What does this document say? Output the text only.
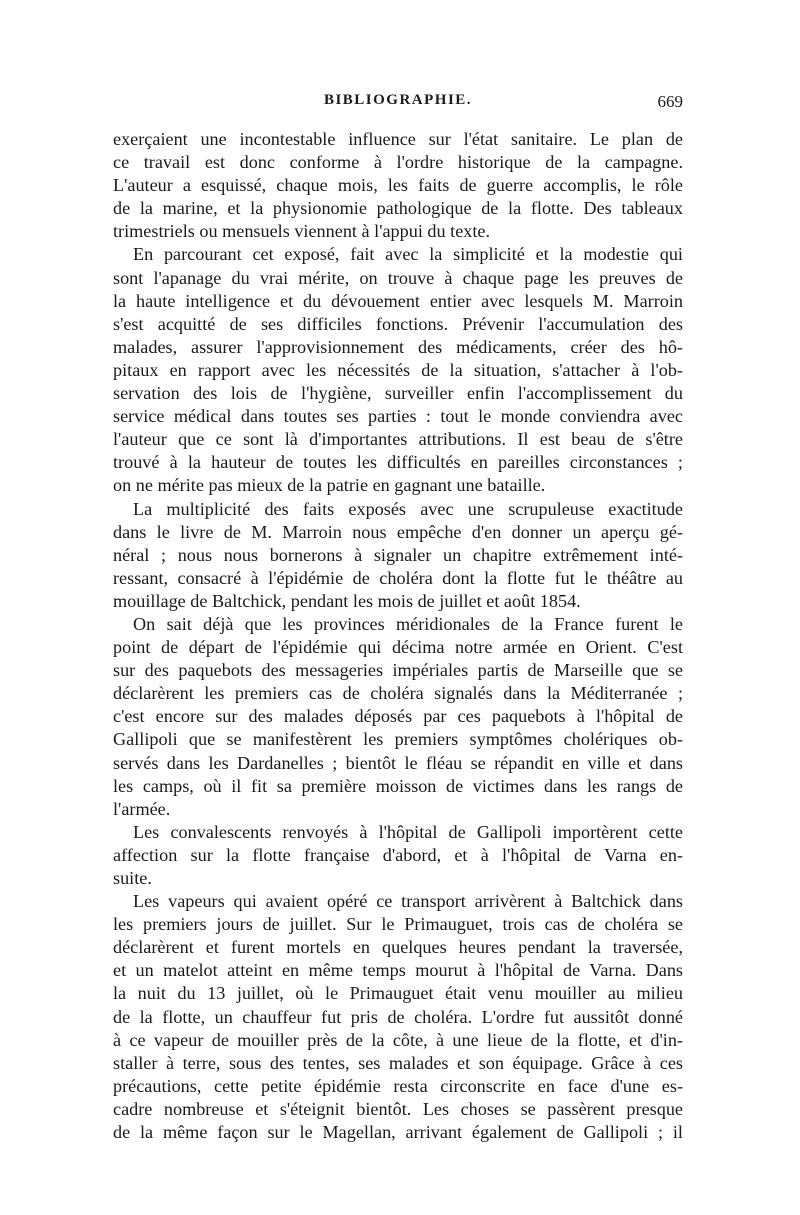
BIBLIOGRAPHIE.	669
exerçaient une incontestable influence sur l'état sanitaire. Le plan de
ce travail est donc conforme à l'ordre historique de la campagne.
L'auteur a esquissé, chaque mois, les faits de guerre accomplis, le rôle
de la marine, et la physionomie pathologique de la flotte. Des tableaux
trimestriels ou mensuels viennent à l'appui du texte.
En parcourant cet exposé, fait avec la simplicité et la modestie qui
sont l'apanage du vrai mérite, on trouve à chaque page les preuves de
la haute intelligence et du dévouement entier avec lesquels M. Marroin
s'est acquitté de ses difficiles fonctions. Prévenir l'accumulation des
malades, assurer l'approvisionnement des médicaments, créer des hô-
pitaux en rapport avec les nécessités de la situation, s'attacher à l'ob-
servation des lois de l'hygiène, surveiller enfin l'accomplissement du
service médical dans toutes ses parties : tout le monde conviendra avec
l'auteur que ce sont là d'importantes attributions. Il est beau de s'être
trouvé à la hauteur de toutes les difficultés en pareilles circonstances ;
on ne mérite pas mieux de la patrie en gagnant une bataille.
La multiplicité des faits exposés avec une scrupuleuse exactitude
dans le livre de M. Marroin nous empêche d'en donner un aperçu gé-
néral ; nous nous bornerons à signaler un chapitre extrêmement inté-
ressant, consacré à l'épidémie de choléra dont la flotte fut le théâtre au
mouillage de Baltchick, pendant les mois de juillet et août 1854.
On sait déjà que les provinces méridionales de la France furent le
point de départ de l'épidémie qui décima notre armée en Orient. C'est
sur des paquebots des messageries impériales partis de Marseille que se
déclarèrent les premiers cas de choléra signalés dans la Méditerranée ;
c'est encore sur des malades déposés par ces paquebots à l'hôpital de
Gallipoli que se manifestèrent les premiers symptômes cholériques ob-
servés dans les Dardanelles ; bientôt le fléau se répandit en ville et dans
les camps, où il fit sa première moisson de victimes dans les rangs de
l'armée.
Les convalescents renvoyés à l'hôpital de Gallipoli importèrent cette
affection sur la flotte française d'abord, et à l'hôpital de Varna en-
suite.
Les vapeurs qui avaient opéré ce transport arrivèrent à Baltchick dans
les premiers jours de juillet. Sur le Primauguet, trois cas de choléra se
déclarèrent et furent mortels en quelques heures pendant la traversée,
et un matelot atteint en même temps mourut à l'hôpital de Varna. Dans
la nuit du 13 juillet, où le Primauguet était venu mouiller au milieu
de la flotte, un chauffeur fut pris de choléra. L'ordre fut aussitôt donné
à ce vapeur de mouiller près de la côte, à une lieue de la flotte, et d'in-
staller à terre, sous des tentes, ses malades et son équipage. Grâce à ces
précautions, cette petite épidémie resta circonscrite en face d'une es-
cadre nombreuse et s'éteignit bientôt. Les choses se passèrent presque
de la même façon sur le Magellan, arrivant également de Gallipoli ; il
